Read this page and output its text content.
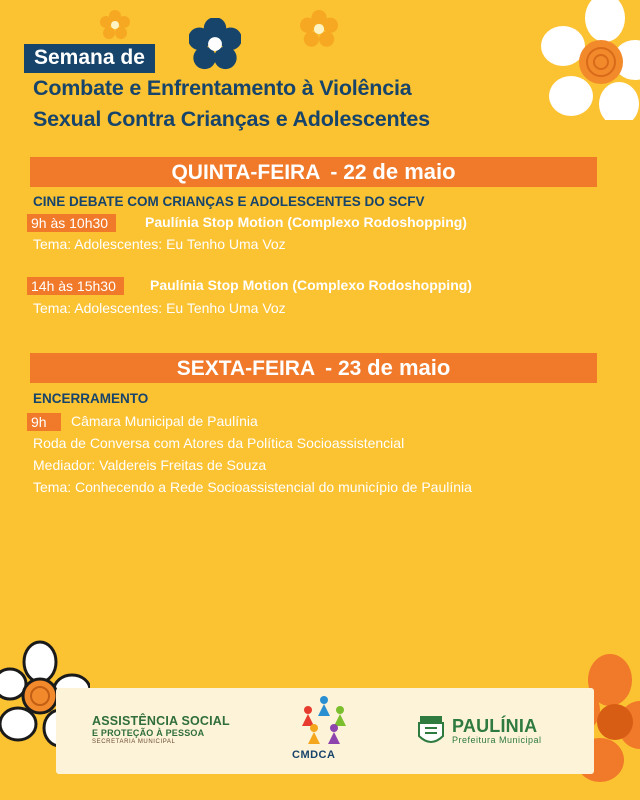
Semana de
Combate e Enfrentamento à Violência
Sexual Contra Crianças e Adolescentes
QUINTA-FEIRA - 22 de maio
CINE DEBATE COM CRIANÇAS E ADOLESCENTES DO SCFV
9h às 10h30	Paulínia Stop Motion (Complexo Rodoshopping)
Tema: Adolescentes: Eu Tenho Uma Voz
14h às 15h30	Paulínia Stop Motion (Complexo Rodoshopping)
Tema: Adolescentes: Eu Tenho Uma Voz
SEXTA-FEIRA - 23 de maio
ENCERRAMENTO
9h	Câmara Municipal de Paulínia
Roda de Conversa com Atores da Política Socioassistencial
Mediador: Valdereis Freitas de Souza
Tema: Conhecendo a Rede Socioassistencial do município de Paulínia
ASSISTÊNCIA SOCIAL
E PROTEÇÃO À PESSOA
SECRETARIA MUNICIPAL
CMDCA
PAULÍNIA
Prefeitura Municipal
